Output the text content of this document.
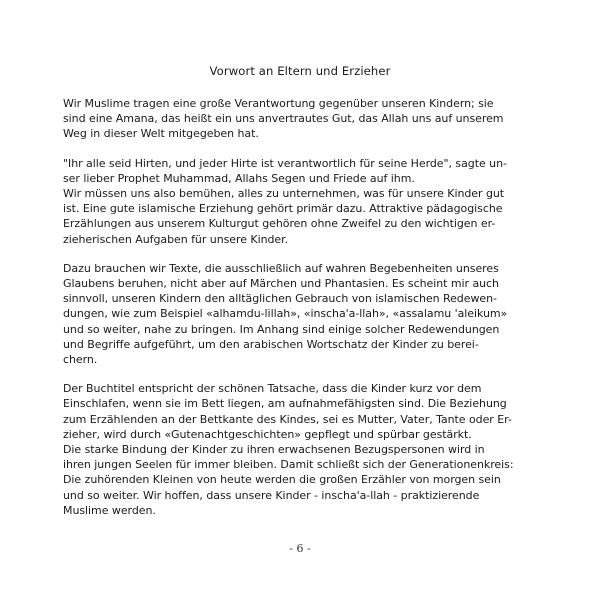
Vorwort an Eltern und Erzieher

Wir Muslime tragen eine große Verantwortung gegenüber unseren Kindern; sie
sind eine Amana, das heißt ein uns anvertrautes Gut, das Allah uns auf unserem
Weg in dieser Welt mitgegeben hat.

"Ihr alle seid Hirten, und jeder Hirte ist verantwortlich für seine Herde", sagte un-
ser lieber Prophet Muhammad, Allahs Segen und Friede auf ihm.
Wir müssen uns also bemühen, alles zu unternehmen, was für unsere Kinder gut
ist. Eine gute islamische Erziehung gehört primär dazu. Attraktive pädagogische
Erzählungen aus unserem Kulturgut gehören ohne Zweifel zu den wichtigen er-
zieherischen Aufgaben für unsere Kinder.

Dazu brauchen wir Texte, die ausschließlich auf wahren Begebenheiten unseres
Glaubens beruhen, nicht aber auf Märchen und Phantasien. Es scheint mir auch
sinnvoll, unseren Kindern den alltäglichen Gebrauch von islamischen Redewen-
dungen, wie zum Beispiel «alhamdu-lillah», «inscha'a-llah», «assalamu 'aleikum»
und so weiter, nahe zu bringen. Im Anhang sind einige solcher Redewendungen
und Begriffe aufgeführt, um den arabischen Wortschatz der Kinder zu berei-
chern.

Der Buchtitel entspricht der schönen Tatsache, dass die Kinder kurz vor dem
Einschlafen, wenn sie im Bett liegen, am aufnahmefähigsten sind. Die Beziehung
zum Erzählenden an der Bettkante des Kindes, sei es Mutter, Vater, Tante oder Er-
zieher, wird durch «Gutenachtgeschichten» gepflegt und spürbar gestärkt.
Die starke Bindung der Kinder zu ihren erwachsenen Bezugspersonen wird in
ihren jungen Seelen für immer bleiben. Damit schließt sich der Generationenkreis:
Die zuhörenden Kleinen von heute werden die großen Erzähler von morgen sein
und so weiter. Wir hoffen, dass unsere Kinder - inscha'a-llah - praktizierende
Muslime werden.

- 6 -
